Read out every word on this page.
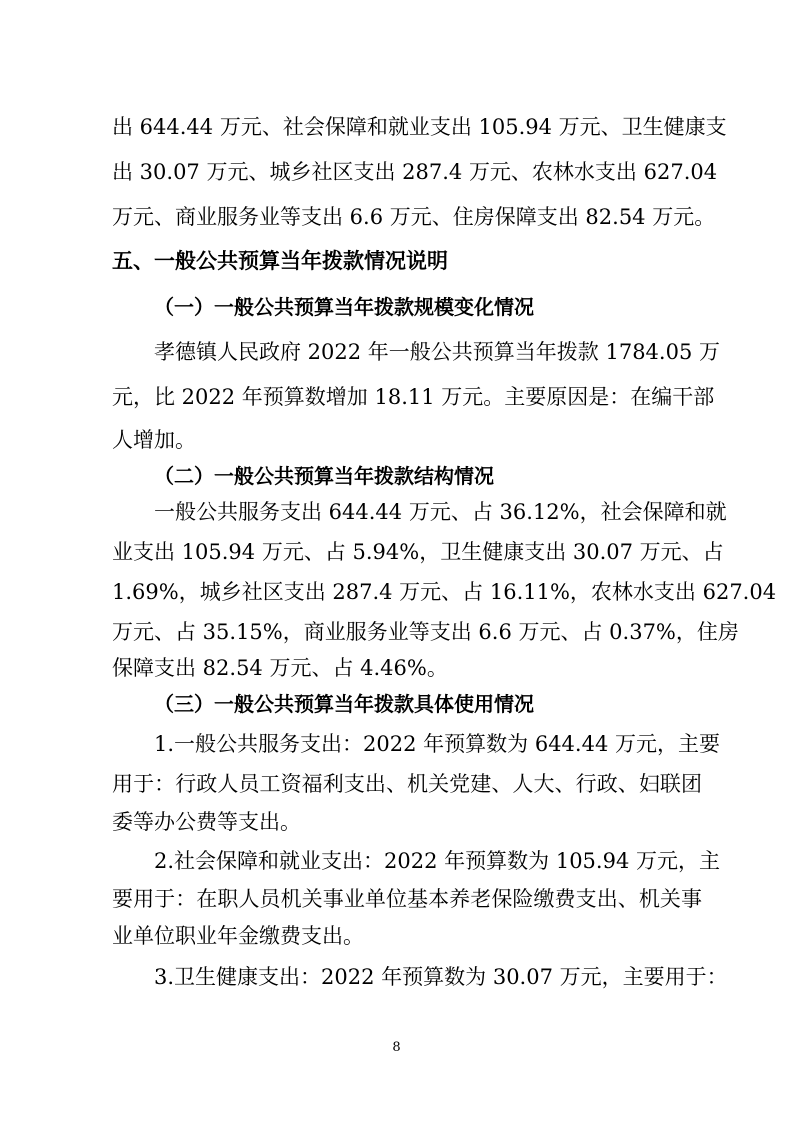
出 644.44 万元、社会保障和就业支出 105.94 万元、卫生健康支
出 30.07 万元、城乡社区支出 287.4 万元、农林水支出 627.04
万元、商业服务业等支出 6.6 万元、住房保障支出 82.54 万元。
五、一般公共预算当年拨款情况说明
（一）一般公共预算当年拨款规模变化情况
孝德镇人民政府 2022 年一般公共预算当年拨款 1784.05 万
元，比 2022 年预算数增加 18.11 万元。主要原因是：在编干部
人增加。
（二）一般公共预算当年拨款结构情况
一般公共服务支出 644.44 万元、占 36.12%，社会保障和就
业支出 105.94 万元、占 5.94%，卫生健康支出 30.07 万元、占
1.69%，城乡社区支出 287.4 万元、占 16.11%，农林水支出 627.04
万元、占 35.15%，商业服务业等支出 6.6 万元、占 0.37%，住房
保障支出 82.54 万元、占 4.46%。
（三）一般公共预算当年拨款具体使用情况
1.一般公共服务支出：2022 年预算数为 644.44 万元，主要
用于：行政人员工资福利支出、机关党建、人大、行政、妇联团
委等办公费等支出。
2.社会保障和就业支出：2022 年预算数为 105.94 万元，主
要用于：在职人员机关事业单位基本养老保险缴费支出、机关事
业单位职业年金缴费支出。
3.卫生健康支出：2022 年预算数为 30.07 万元，主要用于：
8
